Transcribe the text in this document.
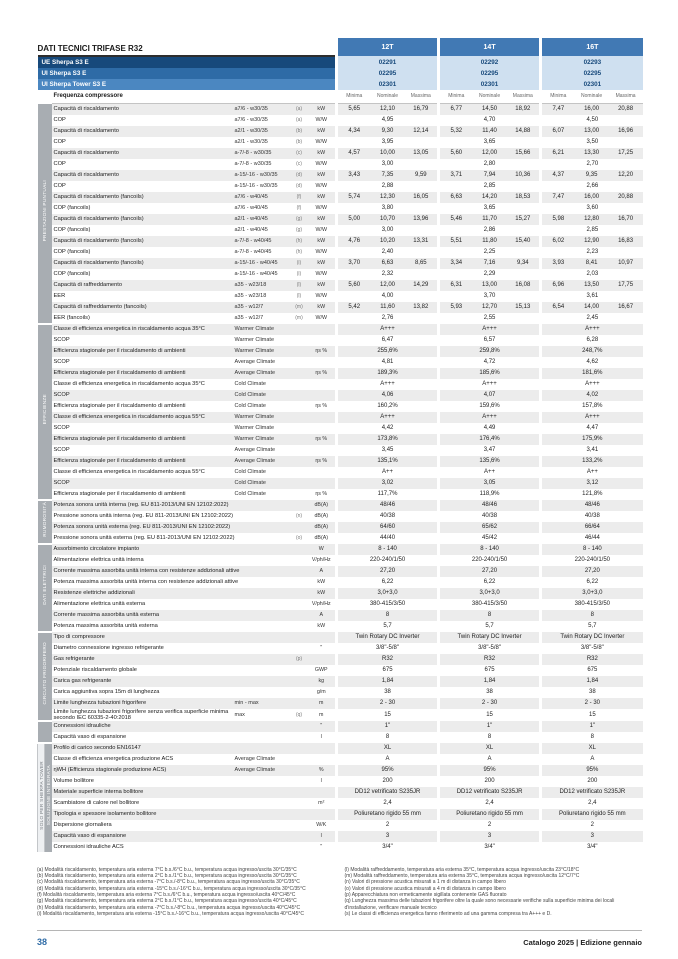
DATI TECNICI TRIFASE R32						12T			14T			16T		
UE Sherpa S3 E						02291			02292			02293		
UI Sherpa S3 E						02295			02295			02295		
UI Sherpa Tower S3 E						02301			02301			02301		
		Frequenza compressore				Minima	Nominale	Massima	Minima	Nominale	Massima	Minima	Nominale	Massima
PRESTAZIONI PUNTUALI		Capacità di riscaldamento	a7/6 - w30/35	(a)	kW	5,65	12,10	16,79	6,77	14,50	18,92	7,47	16,00	20,88
		COP	a7/6 - w30/35	(a)	W/W	4,95			4,70			4,50		
		Capacità di riscaldamento	a2/1 - w30/35	(b)	kW	4,34	9,30	12,14	5,32	11,40	14,88	6,07	13,00	16,96
		COP	a2/1 - w30/35	(b)	W/W	3,95			3,65			3,50		
		Capacità di riscaldamento	a-7/-8 - w30/35	(c)	kW	4,57	10,00	13,05	5,60	12,00	15,66	6,21	13,30	17,25
		COP	a-7/-8 - w30/35	(c)	W/W	3,00			2,80			2,70		
		Capacità di riscaldamento	a-15/-16 - w30/35	(d)	kW	3,43	7,35	9,59	3,71	7,94	10,36	4,37	9,35	12,20
		COP	a-15/-16 - w30/35	(d)	W/W	2,88			2,85			2,66		
		Capacità di riscaldamento (fancoils)	a7/6 - w40/45	(f)	kW	5,74	12,30	16,05	6,63	14,20	18,53	7,47	16,00	20,88
		COP (fancoils)	a7/6 - w40/45	(f)	W/W	3,80			3,65			3,60		
		Capacità di riscaldamento (fancoils)	a2/1 - w40/45	(g)	kW	5,00	10,70	13,96	5,46	11,70	15,27	5,98	12,80	16,70
		COP (fancoils)	a2/1 - w40/45	(g)	W/W	3,00			2,86			2,85		
		Capacità di riscaldamento (fancoils)	a-7/-8 - w40/45	(h)	kW	4,76	10,20	13,31	5,51	11,80	15,40	6,02	12,90	16,83
		COP (fancoils)	a-7/-8 - w40/45	(h)	W/W	2,40			2,25			2,23		
		Capacità di riscaldamento (fancoils)	a-15/-16 - w40/45	(i)	kW	3,70	6,63	8,65	3,34	7,16	9,34	3,93	8,41	10,97
		COP (fancoils)	a-15/-16 - w40/45	(i)	W/W	2,32			2,29			2,03		
		Capacità di raffreddamento	a35 - w23/18	(l)	kW	5,60	12,00	14,29	6,31	13,00	16,08	6,96	13,50	17,75
		EER	a35 - w23/18	(l)	W/W	4,00			3,70			3,61		
		Capacità di raffreddamento (fancoils)	a35 - w12/7	(m)	kW	5,42	11,60	13,82	5,93	12,70	15,13	6,54	14,00	16,67
		EER (fancoils)	a35 - w12/7	(m)	W/W	2,76			2,55			2,45		
EFFICIENZE		Classe di efficienza energetica in riscaldamento acqua 35°C	Warmer Climate			A+++			A+++			A+++		
		SCOP	Warmer Climate			6,47			6,57			6,28		
		Efficienza stagionale per il riscaldamento di ambienti	Warmer Climate		ηs %	255,6%			259,8%			248,7%		
		SCOP	Average Climate			4,81			4,72			4,62		
		Efficienza stagionale per il riscaldamento di ambienti	Average Climate		ηs %	189,3%			185,6%			181,6%		
		Classe di efficienza energetica in riscaldamento acqua 35°C	Cold Climate			A+++			A+++			A+++		
		SCOP	Cold Climate			4,06			4,07			4,02		
		Efficienza stagionale per il riscaldamento di ambienti	Cold Climate		ηs %	160,2%			159,6%			157,8%		
		Classe di efficienza energetica in riscaldamento acqua 55°C	Warmer Climate			A+++			A+++			A+++		
		SCOP	Warmer Climate			4,42			4,49			4,47		
		Efficienza stagionale per il riscaldamento di ambienti	Warmer Climate		ηs %	173,8%			176,4%			175,9%		
		SCOP	Average Climate			3,45			3,47			3,41		
		Efficienza stagionale per il riscaldamento di ambienti	Average Climate		ηs %	135,1%			135,6%			133,2%		
		Classe di efficienza energetica in riscaldamento acqua 55°C	Cold Climate			A++			A++			A++		
		SCOP	Cold Climate			3,02			3,05			3,12		
		Efficienza stagionale per il riscaldamento di ambienti	Cold Climate		ηs %	117,7%			118,9%			121,8%		
RUMOROSITÀ		Potenza sonora unità interna (reg. EU 811-2013/UNI EN 12102:2022)			dB(A)	48/46			48/46			48/46		
		Pressione sonora unità interna (reg. EU 811-2013/UNI EN 12102:2022)		(n)	dB(A)	40/38			40/38			40/38		
		Potenza sonora unità esterna (reg. EU 811-2013/UNI EN 12102:2022)			dB(A)	64/60			65/62			66/64		
		Pressione sonora unità esterna (reg. EU 811-2013/UNI EN 12102:2022)		(o)	dB(A)	44/40			45/42			46/44		
DATI ELETTRICI		Assorbimento circolatore impianto			W	8 - 140			8 - 140			8 - 140		
		Alimentazione elettrica unità interna			V/ph/Hz	220-240/1/50			220-240/1/50			220-240/1/50		
		Corrente massima assorbita unità interna con resistenze addizionali attive			A	27,20			27,20			27,20		
		Potenza massima assorbita unità interna con resistenze addizionali attive			kW	6,22			6,22			6,22		
		Resistenze elettriche addizionali			kW	3,0+3,0			3,0+3,0			3,0+3,0		
		Alimentazione elettrica unità esterna			V/ph/Hz	380-415/3/50			380-415/3/50			380-415/3/50		
		Corrente massima assorbita unità esterna			A	8			8			8		
		Potenza massima assorbita unità esterna			kW	5,7			5,7			5,7		
CIRCUITO FRIGORIFERO		Tipo di compressore				Twin Rotary DC Inverter			Twin Rotary DC Inverter			Twin Rotary DC Inverter		
		Diametro connessione ingresso refrigerante			"	3/8"-5/8"			3/8"-5/8"			3/8"-5/8"		
		Gas refrigerante		(p)		R32			R32			R32		
		Potenziale riscaldamento globale			GWP	675			675			675		
		Carica gas refrigerante			kg	1,84			1,84			1,84		
		Carica aggiuntiva sopra 15m di lunghezza			g/m	38			38			38		
		Limite lunghezza tubazioni frigorifere	min - max		m	2 - 30			2 - 30			2 - 30		
		Limite lunghezza tubazioni frigorifere senza verifica superficie minima secondo IEC 60335-2-40:2018	max	(q)	m	15			15			15		
		Connessioni idrauliche			"	1"			1"			1"		
		Capacità vaso di espansione			l	8			8			8		
SOLO PER SHERPA TOWER	SOLUZIONE INTEGRATA	Profilo di carico secondo EN16147				XL			XL			XL		
		Classe di efficienza energetica produzione ACS	Average Climate			A			A			A		
		ηWH (Efficienza stagionale produzione ACS)	Average Climate		%	95%			95%			95%		
		Volume bollitore			l	200			200			200		
		Materiale superficie interna bollitore				DD12 vetrificato S235JR			DD12 vetrificato S235JR			DD12 vetrificato S235JR		
		Scambiatore di calore nel bollitore			m²	2,4			2,4			2,4		
		Tipologia e spessore isolamento bollitore				Poliuretano rigido 55 mm			Poliuretano rigido 55 mm			Poliuretano rigido 55 mm		
		Dispersione giornaliera			W/K	2			2			2		
		Capacità vaso di espansione			l	3			3			3		
		Connessioni idrauliche ACS			"	3/4"			3/4"			3/4"		
(a) Modalità riscaldamento, temperatura aria esterna 7°C b.s./6°C b.u., temperatura acqua ingresso/uscita 30°C/35°C
(b) Modalità riscaldamento, temperatura aria esterna 2°C b.s./1°C b.u., temperatura acqua ingresso/uscita 30°C/35°C
(c) Modalità riscaldamento, temperatura aria esterna -7°C b.s./-8°C b.u., temperatura acqua ingresso/uscita 30°C/35°C
(d) Modalità riscaldamento, temperatura aria esterna -15°C b.s./-16°C b.u., temperatura acqua ingresso/uscita 30°C/35°C
(f) Modalità riscaldamento, temperatura aria esterna 7°C b.s./6°C b.u., temperatura acqua ingresso/uscita 40°C/45°C
(g) Modalità riscaldamento, temperatura aria esterna 2°C b.s./1°C b.u., temperatura acqua ingresso/uscita 40°C/45°C
(h) Modalità riscaldamento, temperatura aria esterna -7°C b.s./-8°C b.u., temperatura acqua ingresso/uscita 40°C/45°C
(i) Modalità riscaldamento, temperatura aria esterna -15°C b.s./-16°C b.u., temperatura acqua ingresso/uscita 40°C/45°C
(l) Modalità raffreddamento, temperatura aria esterna 35°C, temperatura acqua ingresso/uscita 23°C/18°C
(m) Modalità raffreddamento, temperatura aria esterna 35°C, temperatura acqua ingresso/uscita 12°C/7°C
(n) Valori di pressione acustica misurati a 1 m di distanza in campo libero
(o) Valori di pressione acustica misurati a 4 m di distanza in campo libero
(p) Apparecchiatura non ermeticamente sigillata contenente GAS fluorato
(q) Lunghezza massima delle tubazioni frigorifere oltre la quale sono necessarie verifiche sulla superficie minima dei locali d'installazione, verificare manuale tecnico
(s) Le classi di efficienza energetica fanno riferimento ad una gamma compresa tra A+++ e D.
38	Catalogo 2025 | Edizione gennaio
